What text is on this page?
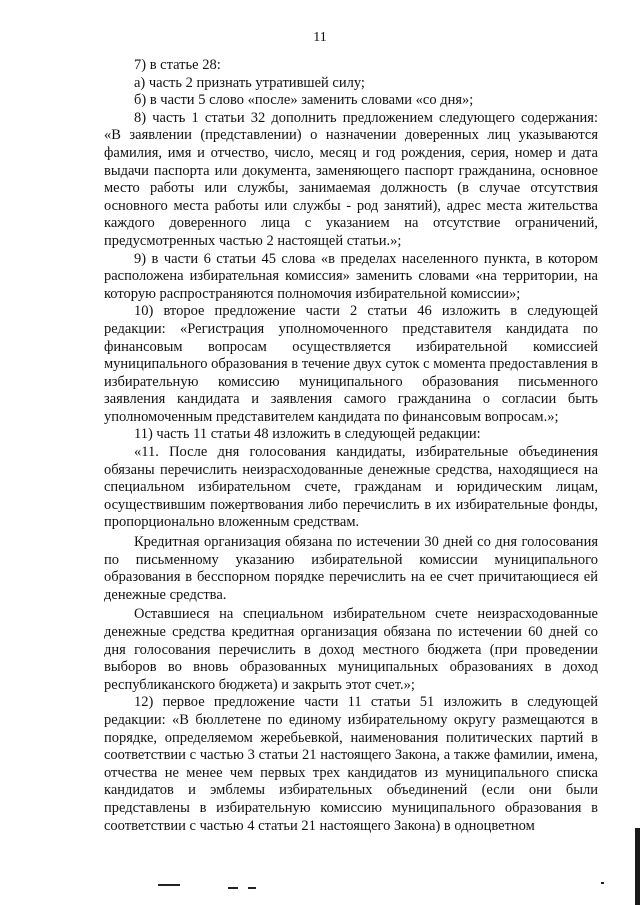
11

7) в статье 28:

а) часть 2 признать утратившей силу;

б) в части 5 слово «после» заменить словами «со дня»;

8) часть 1 статьи 32 дополнить предложением следующего содержания: «В заявлении (представлении) о назначении доверенных лиц указываются фамилия, имя и отчество, число, месяц и год рождения, серия, номер и дата выдачи паспорта или документа, заменяющего паспорт гражданина, основное место работы или службы, занимаемая должность (в случае отсутствия основного места работы или службы - род занятий), адрес места жительства каждого доверенного лица с указанием на отсутствие ограничений, предусмотренных частью 2 настоящей статьи.»;

9) в части 6 статьи 45 слова «в пределах населенного пункта, в котором расположена избирательная комиссия» заменить словами «на территории, на которую распространяются полномочия избирательной комиссии»;

10) второе предложение части 2 статьи 46 изложить в следующей редакции: «Регистрация уполномоченного представителя кандидата по финансовым вопросам осуществляется избирательной комиссией муниципального образования в течение двух суток с момента предоставления в избирательную комиссию муниципального образования письменного заявления кандидата и заявления самого гражданина о согласии быть уполномоченным представителем кандидата по финансовым вопросам.»;

11) часть 11 статьи 48 изложить в следующей редакции:

«11. После дня голосования кандидаты, избирательные объединения обязаны перечислить неизрасходованные денежные средства, находящиеся на специальном избирательном счете, гражданам и юридическим лицам, осуществившим пожертвования либо перечислить в их избирательные фонды, пропорционально вложенным средствам.

Кредитная организация обязана по истечении 30 дней со дня голосования по письменному указанию избирательной комиссии муниципального образования в бесспорном порядке перечислить на ее счет причитающиеся ей денежные средства.

Оставшиеся на специальном избирательном счете неизрасходованные денежные средства кредитная организация обязана по истечении 60 дней со дня голосования перечислить в доход местного бюджета (при проведении выборов во вновь образованных муниципальных образованиях в доход республиканского бюджета) и закрыть этот счет.»;

12) первое предложение части 11 статьи 51 изложить в следующей редакции: «В бюллетене по единому избирательному округу размещаются в порядке, определяемом жеребьевкой, наименования политических партий в соответствии с частью 3 статьи 21 настоящего Закона, а также фамилии, имена, отчества не менее чем первых трех кандидатов из муниципального списка кандидатов и эмблемы избирательных объединений (если они были представлены в избирательную комиссию муниципального образования в соответствии с частью 4 статьи 21 настоящего Закона) в одноцветном
